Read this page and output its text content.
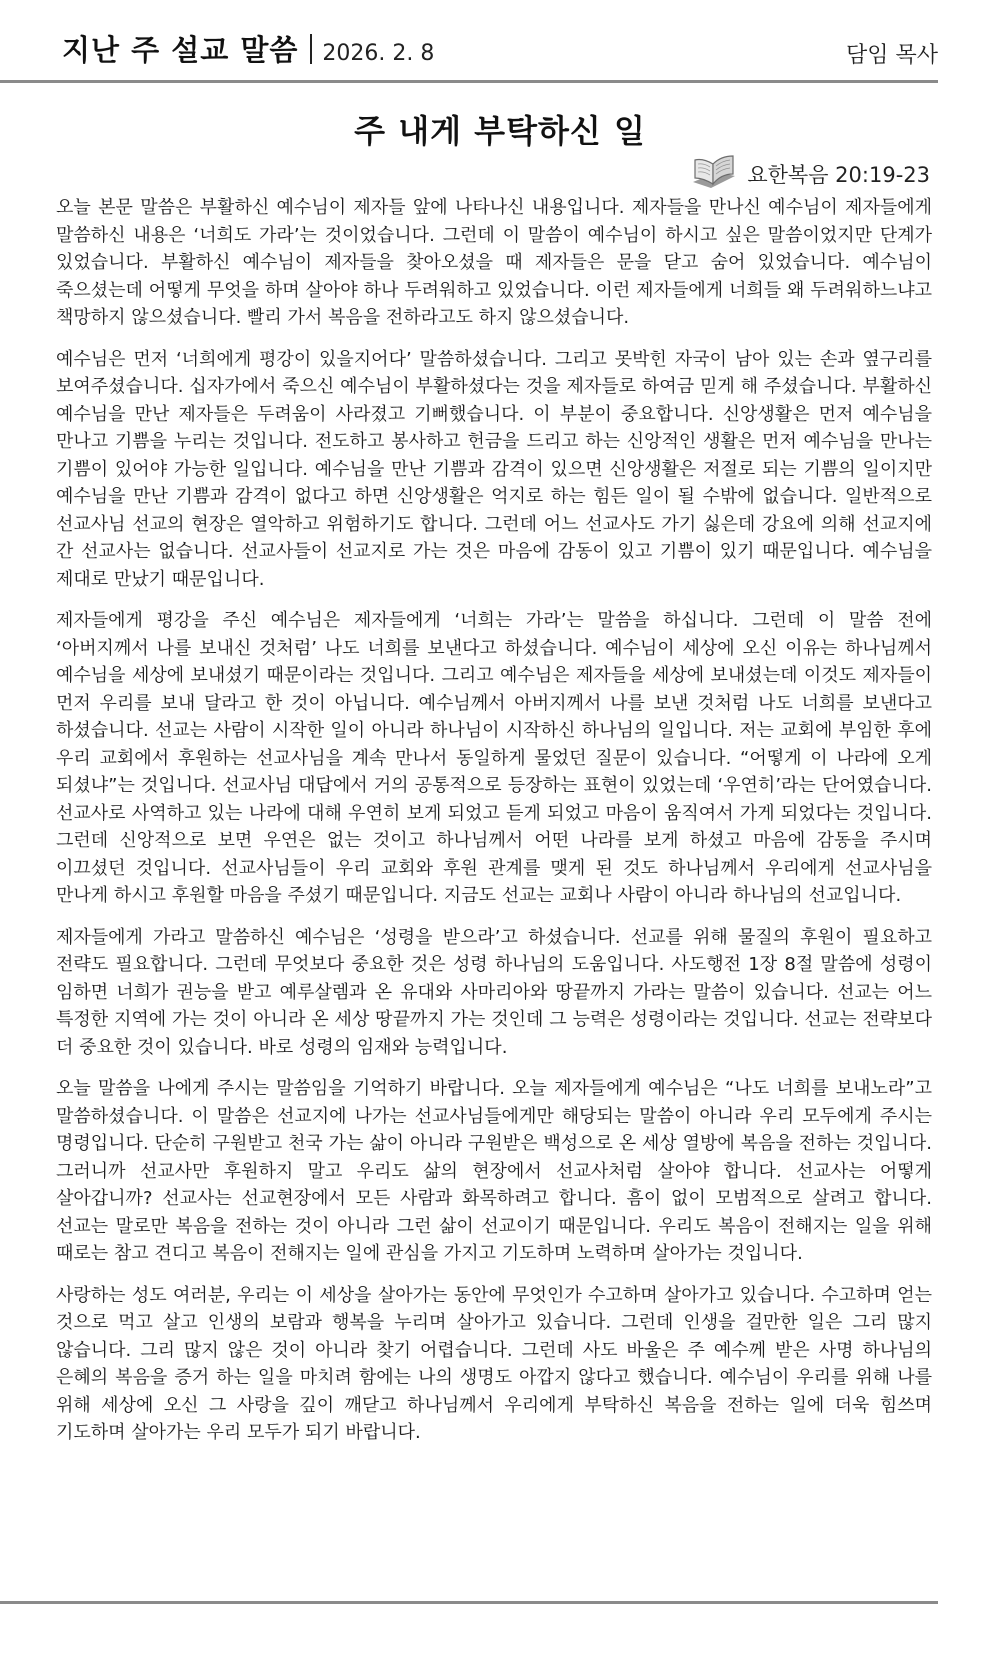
지난 주 설교 말씀 2026. 2. 8	담임 목사
주 내게 부탁하신 일
요한복음 20:19-23

오늘 본문 말씀은 부활하신 예수님이 제자들 앞에 나타나신 내용입니다. 제자들을 만나신 예수님이 제자들에게 말씀하신 내용은 ‘너희도 가라’는 것이었습니다. 그런데 이 말씀이 예수님이 하시고 싶은 말씀이었지만 단계가 있었습니다. 부활하신 예수님이 제자들을 찾아오셨을 때 제자들은 문을 닫고 숨어 있었습니다. 예수님이 죽으셨는데 어떻게 무엇을 하며 살아야 하나 두려워하고 있었습니다. 이런 제자들에게 너희들 왜 두려워하느냐고 책망하지 않으셨습니다. 빨리 가서 복음을 전하라고도 하지 않으셨습니다.

예수님은 먼저 ‘너희에게 평강이 있을지어다’ 말씀하셨습니다. 그리고 못박힌 자국이 남아 있는 손과 옆구리를 보여주셨습니다. 십자가에서 죽으신 예수님이 부활하셨다는 것을 제자들로 하여금 믿게 해 주셨습니다. 부활하신 예수님을 만난 제자들은 두려움이 사라졌고 기뻐했습니다. 이 부분이 중요합니다. 신앙생활은 먼저 예수님을 만나고 기쁨을 누리는 것입니다. 전도하고 봉사하고 헌금을 드리고 하는 신앙적인 생활은 먼저 예수님을 만나는 기쁨이 있어야 가능한 일입니다. 예수님을 만난 기쁨과 감격이 있으면 신앙생활은 저절로 되는 기쁨의 일이지만 예수님을 만난 기쁨과 감격이 없다고 하면 신앙생활은 억지로 하는 힘든 일이 될 수밖에 없습니다. 일반적으로 선교사님 선교의 현장은 열악하고 위험하기도 합니다. 그런데 어느 선교사도 가기 싫은데 강요에 의해 선교지에 간 선교사는 없습니다. 선교사들이 선교지로 가는 것은 마음에 감동이 있고 기쁨이 있기 때문입니다. 예수님을 제대로 만났기 때문입니다.

제자들에게 평강을 주신 예수님은 제자들에게 ‘너희는 가라’는 말씀을 하십니다. 그런데 이 말씀 전에 ‘아버지께서 나를 보내신 것처럼’ 나도 너희를 보낸다고 하셨습니다. 예수님이 세상에 오신 이유는 하나님께서 예수님을 세상에 보내셨기 때문이라는 것입니다. 그리고 예수님은 제자들을 세상에 보내셨는데 이것도 제자들이 먼저 우리를 보내 달라고 한 것이 아닙니다. 예수님께서 아버지께서 나를 보낸 것처럼 나도 너희를 보낸다고 하셨습니다. 선교는 사람이 시작한 일이 아니라 하나님이 시작하신 하나님의 일입니다. 저는 교회에 부임한 후에 우리 교회에서 후원하는 선교사님을 계속 만나서 동일하게 물었던 질문이 있습니다. “어떻게 이 나라에 오게 되셨냐”는 것입니다. 선교사님 대답에서 거의 공통적으로 등장하는 표현이 있었는데 ‘우연히’라는 단어였습니다. 선교사로 사역하고 있는 나라에 대해 우연히 보게 되었고 듣게 되었고 마음이 움직여서 가게 되었다는 것입니다. 그런데 신앙적으로 보면 우연은 없는 것이고 하나님께서 어떤 나라를 보게 하셨고 마음에 감동을 주시며 이끄셨던 것입니다. 선교사님들이 우리 교회와 후원 관계를 맺게 된 것도 하나님께서 우리에게 선교사님을 만나게 하시고 후원할 마음을 주셨기 때문입니다. 지금도 선교는 교회나 사람이 아니라 하나님의 선교입니다.

제자들에게 가라고 말씀하신 예수님은 ‘성령을 받으라’고 하셨습니다. 선교를 위해 물질의 후원이 필요하고 전략도 필요합니다. 그런데 무엇보다 중요한 것은 성령 하나님의 도움입니다. 사도행전 1장 8절 말씀에 성령이 임하면 너희가 권능을 받고 예루살렘과 온 유대와 사마리아와 땅끝까지 가라는 말씀이 있습니다. 선교는 어느 특정한 지역에 가는 것이 아니라 온 세상 땅끝까지 가는 것인데 그 능력은 성령이라는 것입니다. 선교는 전략보다 더 중요한 것이 있습니다. 바로 성령의 임재와 능력입니다.

오늘 말씀을 나에게 주시는 말씀임을 기억하기 바랍니다. 오늘 제자들에게 예수님은 “나도 너희를 보내노라”고 말씀하셨습니다. 이 말씀은 선교지에 나가는 선교사님들에게만 해당되는 말씀이 아니라 우리 모두에게 주시는 명령입니다. 단순히 구원받고 천국 가는 삶이 아니라 구원받은 백성으로 온 세상 열방에 복음을 전하는 것입니다. 그러니까 선교사만 후원하지 말고 우리도 삶의 현장에서 선교사처럼 살아야 합니다. 선교사는 어떻게 살아갑니까? 선교사는 선교현장에서 모든 사람과 화목하려고 합니다. 흠이 없이 모범적으로 살려고 합니다. 선교는 말로만 복음을 전하는 것이 아니라 그런 삶이 선교이기 때문입니다. 우리도 복음이 전해지는 일을 위해 때로는 참고 견디고 복음이 전해지는 일에 관심을 가지고 기도하며 노력하며 살아가는 것입니다.

사랑하는 성도 여러분, 우리는 이 세상을 살아가는 동안에 무엇인가 수고하며 살아가고 있습니다. 수고하며 얻는 것으로 먹고 살고 인생의 보람과 행복을 누리며 살아가고 있습니다. 그런데 인생을 걸만한 일은 그리 많지 않습니다. 그리 많지 않은 것이 아니라 찾기 어렵습니다. 그런데 사도 바울은 주 예수께 받은 사명 하나님의 은혜의 복음을 증거 하는 일을 마치려 함에는 나의 생명도 아깝지 않다고 했습니다. 예수님이 우리를 위해 나를 위해 세상에 오신 그 사랑을 깊이 깨닫고 하나님께서 우리에게 부탁하신 복음을 전하는 일에 더욱 힘쓰며 기도하며 살아가는 우리 모두가 되기 바랍니다.
